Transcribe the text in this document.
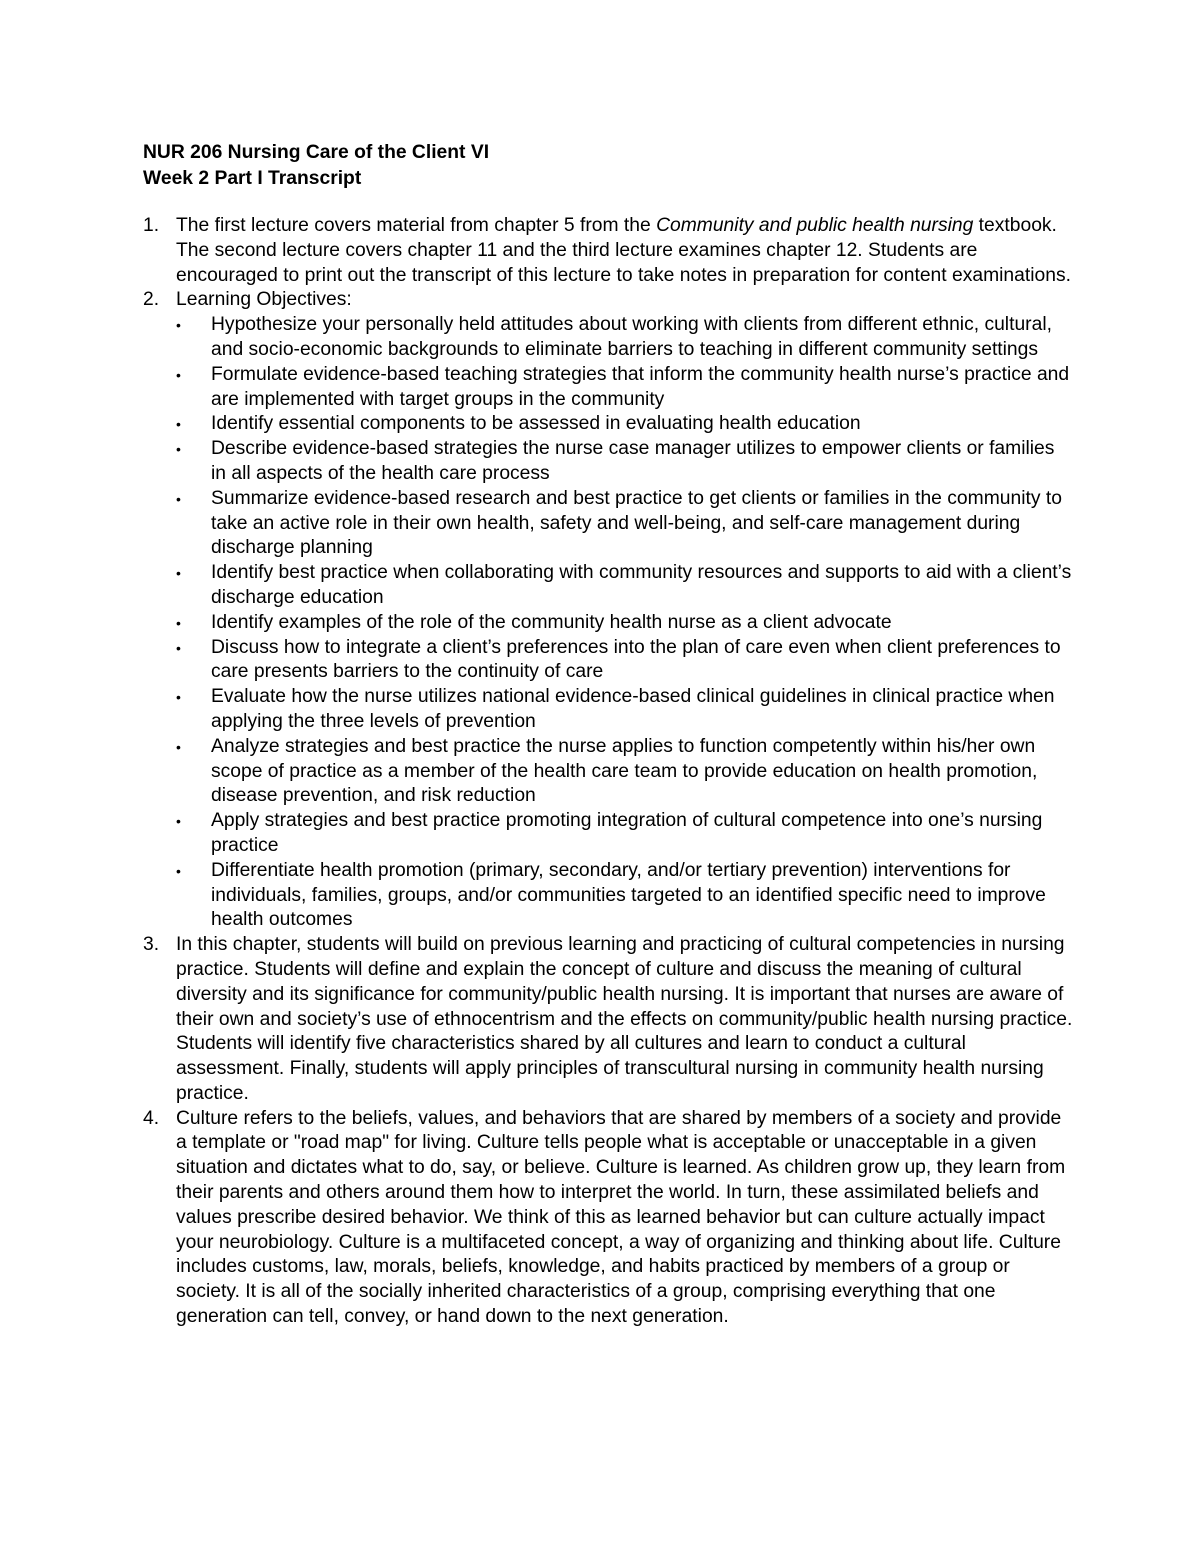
NUR 206 Nursing Care of the Client VI
Week 2 Part I Transcript
1. The first lecture covers material from chapter 5 from the Community and public health nursing textbook. The second lecture covers chapter 11 and the third lecture examines chapter 12. Students are encouraged to print out the transcript of this lecture to take notes in preparation for content examinations.
2. Learning Objectives:
•	Hypothesize your personally held attitudes about working with clients from different ethnic, cultural, and socio-economic backgrounds to eliminate barriers to teaching in different community settings
•	Formulate evidence-based teaching strategies that inform the community health nurse’s practice and are implemented with target groups in the community
•	Identify essential components to be assessed in evaluating health education
•	Describe evidence-based strategies the nurse case manager utilizes to empower clients or families in all aspects of the health care process
•	Summarize evidence-based research and best practice to get clients or families in the community to take an active role in their own health, safety and well-being, and self-care management during discharge planning
•	Identify best practice when collaborating with community resources and supports to aid with a client’s discharge education
•	Identify examples of the role of the community health nurse as a client advocate
•	Discuss how to integrate a client’s preferences into the plan of care even when client preferences to care presents barriers to the continuity of care
•	Evaluate how the nurse utilizes national evidence-based clinical guidelines in clinical practice when applying the three levels of prevention
•	Analyze strategies and best practice the nurse applies to function competently within his/her own scope of practice as a member of the health care team to provide education on health promotion, disease prevention, and risk reduction
•	Apply strategies and best practice promoting integration of cultural competence into one’s nursing practice
•	Differentiate health promotion (primary, secondary, and/or tertiary prevention) interventions for individuals, families, groups, and/or communities targeted to an identified specific need to improve health outcomes
3. In this chapter, students will build on previous learning and practicing of cultural competencies in nursing practice. Students will define and explain the concept of culture and discuss the meaning of cultural diversity and its significance for community/public health nursing. It is important that nurses are aware of their own and society’s use of ethnocentrism and the effects on community/public health nursing practice. Students will identify five characteristics shared by all cultures and learn to conduct a cultural assessment. Finally, students will apply principles of transcultural nursing in community health nursing practice.
4. Culture refers to the beliefs, values, and behaviors that are shared by members of a society and provide a template or "road map" for living. Culture tells people what is acceptable or unacceptable in a given situation and dictates what to do, say, or believe. Culture is learned. As children grow up, they learn from their parents and others around them how to interpret the world. In turn, these assimilated beliefs and values prescribe desired behavior. We think of this as learned behavior but can culture actually impact your neurobiology. Culture is a multifaceted concept, a way of organizing and thinking about life. Culture includes customs, law, morals, beliefs, knowledge, and habits practiced by members of a group or society. It is all of the socially inherited characteristics of a group, comprising everything that one generation can tell, convey, or hand down to the next generation.
